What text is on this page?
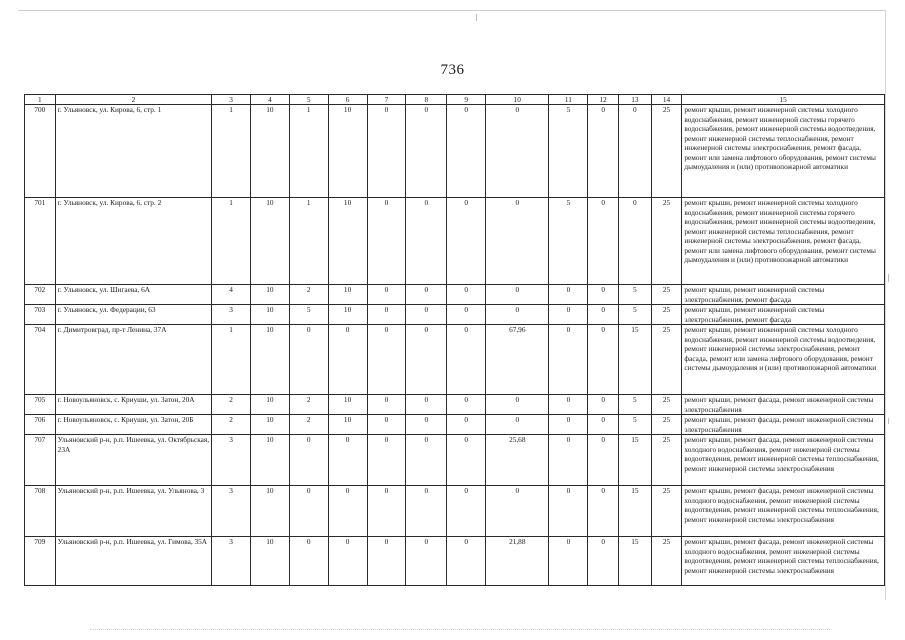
736
1	2	3	4	5	6	7	8	9	10	11	12	13	14	15
700	г. Ульяновск, ул. Кирова, 6, стр. 1	1	10	1	10	0	0	0	0	5	0	0	25	ремонт крыши, ремонт инженерной системы холодного водоснабжения, ремонт инженерной системы горячего водоснабжения, ремонт инженерной системы водоотведения, ремонт инженерной системы теплоснабжения, ремонт инженерной системы электроснабжения, ремонт фасада, ремонт или замена лифтового оборудования, ремонт системы дымоудаления и (или) противопожарной автоматики
701	г. Ульяновск, ул. Кирова, 6, стр. 2	1	10	1	10	0	0	0	0	5	0	0	25	ремонт крыши, ремонт инженерной системы холодного водоснабжения, ремонт инженерной системы горячего водоснабжения, ремонт инженерной системы водоотведения, ремонт инженерной системы теплоснабжения, ремонт инженерной системы электроснабжения, ремонт фасада, ремонт или замена лифтового оборудования, ремонт системы дымоудаления и (или) противопожарной автоматики
702	г. Ульяновск, ул. Шигаева, 6А	4	10	2	10	0	0	0	0	0	0	5	25	ремонт крыши, ремонт инженерной системы электроснабжения, ремонт фасада
703	г. Ульяновск, ул. Федерации, 63	3	10	5	10	0	0	0	0	0	0	5	25	ремонт крыши, ремонт инженерной системы электроснабжения, ремонт фасада
704	г. Димитровград, пр-т Ленина, 37А	1	10	0	0	0	0	0	67,96	0	0	15	25	ремонт крыши, ремонт инженерной системы холодного водоснабжения, ремонт инженерной системы водоотведения, ремонт инженерной системы электроснабжения, ремонт фасада, ремонт или замена лифтового оборудования, ремонт системы дымоудаления и (или) противопожарной автоматики
705	г. Новоульяновск, с. Криуши, ул. Затон, 20А	2	10	2	10	0	0	0	0	0	0	5	25	ремонт крыши, ремонт фасада, ремонт инженерной системы электроснабжения
706	г. Новоульяновск, с. Криуши, ул. Затон, 20Б	2	10	2	10	0	0	0	0	0	0	5	25	ремонт крыши, ремонт фасада, ремонт инженерной системы электроснабжения
707	Ульяновский р-н, р.п. Ишеевка, ул. Октябрьская, 23А	3	10	0	0	0	0	0	25,68	0	0	15	25	ремонт крыши, ремонт фасада, ремонт инженерной системы холодного водоснабжения, ремонт инженерной системы водоотведения, ремонт инженерной системы теплоснабжения, ремонт инженерной системы электроснабжения
708	Ульяновский р-н, р.п. Ишеевка, ул. Ульянова, 3	3	10	0	0	0	0	0	0	0	0	15	25	ремонт крыши, ремонт фасада, ремонт инженерной системы холодного водоснабжения, ремонт инженерной системы водоотведения, ремонт инженерной системы теплоснабжения, ремонт инженерной системы электроснабжения
709	Ульяновский р-н, р.п. Ишеевка, ул. Гимова, 35А	3	10	0	0	0	0	0	21,88	0	0	15	25	ремонт крыши, ремонт фасада, ремонт инженерной системы холодного водоснабжения, ремонт инженерной системы водоотведения, ремонт инженерной системы теплоснабжения, ремонт инженерной системы электроснабжения
